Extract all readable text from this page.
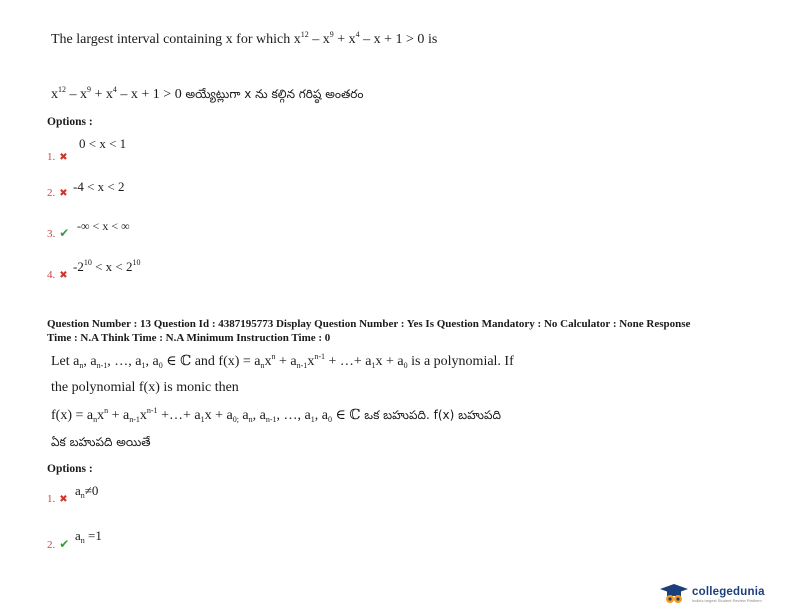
The largest interval containing x for which $x^{12} - x^9 + x^4 - x + 1 > 0$ is
$x^{12} - x^9 + x^4 - x + 1 > 0$ అయ్యేట్లుగా x ను కల్గిన గరిష్ఠ అంతరం
Options :
1. ✖
0 < x < 1
2. ✖ -4 < x < 2
3. ✔ -∞ < x < ∞
4. ✖
$-2^{10} < x < 2^{10}$
Question Number : 13 Question Id : 4387195773 Display Question Number : Yes Is Question Mandatory : No Calculator : None Response
Time : N.A Think Time : N.A Minimum Instruction Time : 0
Let $a_n$, $a_{n-1}$, …, $a_1$, $a_0$ ∈ ℂ and $f(x) = a_nx^n + a_{n-1}x^{n-1}$ + …+ $a_1x + a_0$ is a polynomial. If
the polynomial f(x) is monic then
$f(x) = a_nx^n + a_{n-1}x^{n-1}$ +…+ $a_1x + a_{0;}$ $a_n$, $a_{n-1}$, …, $a_1$, $a_0$ ∈ ℂ ఒక బహుపది. f(x) బహుపది
ఏక బహుపది అయితే
Options :
1. ✖
$a_n\ne 0$
2. ✔
$a_n =1$
collegedunia
India's largest Student Review Platform
